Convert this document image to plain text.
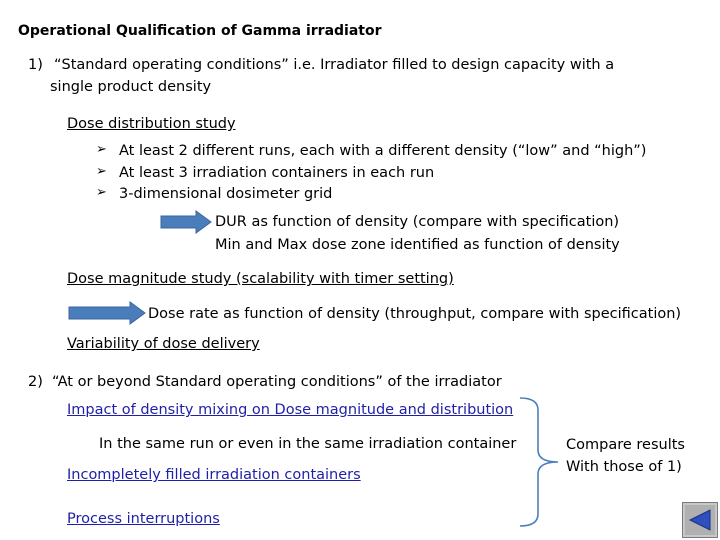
Operational Qualification of Gamma irradiator
1) “Standard operating conditions” i.e. Irradiator filled to design capacity with a
single product density
Dose distribution study
➢ At least 2 different runs, each with a different density (“low” and “high”)
➢ At least 3 irradiation containers in each run
➢ 3-dimensional dosimeter grid
DUR as function of density (compare with specification)
Min and Max dose zone identified as function of density
Dose magnitude study (scalability with timer setting)
Dose rate as function of density (throughput, compare with specification)
Variability of dose delivery
2) “At or beyond Standard operating conditions” of the irradiator
Impact of density mixing on Dose magnitude and distribution
In the same run or even in the same irradiation container
Incompletely filled irradiation containers
Process interruptions
Compare results
With those of 1)
